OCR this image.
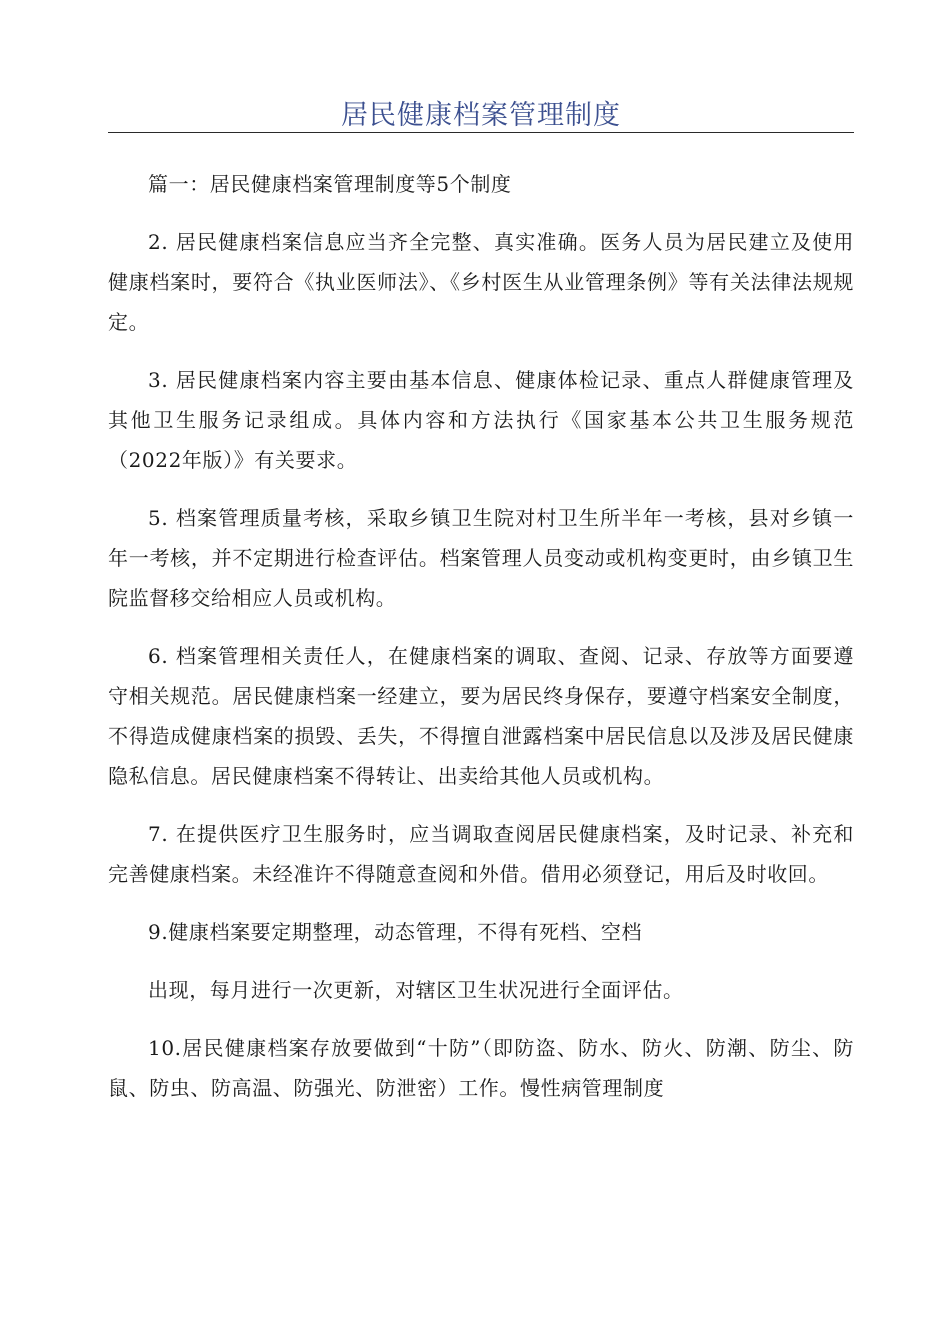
居民健康档案管理制度

篇一：居民健康档案管理制度等5个制度

2. 居民健康档案信息应当齐全完整、真实准确。医务人员为居民建立及使用健康档案时，要符合《执业医师法》、《乡村医生从业管理条例》等有关法律法规规定。

3. 居民健康档案内容主要由基本信息、健康体检记录、重点人群健康管理及其他卫生服务记录组成。具体内容和方法执行《国家基本公共卫生服务规范（2022年版）》有关要求。

5. 档案管理质量考核，采取乡镇卫生院对村卫生所半年一考核，县对乡镇一年一考核，并不定期进行检查评估。档案管理人员变动或机构变更时，由乡镇卫生院监督移交给相应人员或机构。

6. 档案管理相关责任人，在健康档案的调取、查阅、记录、存放等方面要遵守相关规范。居民健康档案一经建立，要为居民终身保存，要遵守档案安全制度，不得造成健康档案的损毁、丢失，不得擅自泄露档案中居民信息以及涉及居民健康隐私信息。居民健康档案不得转让、出卖给其他人员或机构。

7. 在提供医疗卫生服务时，应当调取查阅居民健康档案，及时记录、补充和完善健康档案。未经准许不得随意查阅和外借。借用必须登记，用后及时收回。

9.健康档案要定期整理，动态管理，不得有死档、空档

出现，每月进行一次更新，对辖区卫生状况进行全面评估。

10.居民健康档案存放要做到“十防”（即防盗、防水、防火、防潮、防尘、防鼠、防虫、防高温、防强光、防泄密）工作。慢性病管理制度
